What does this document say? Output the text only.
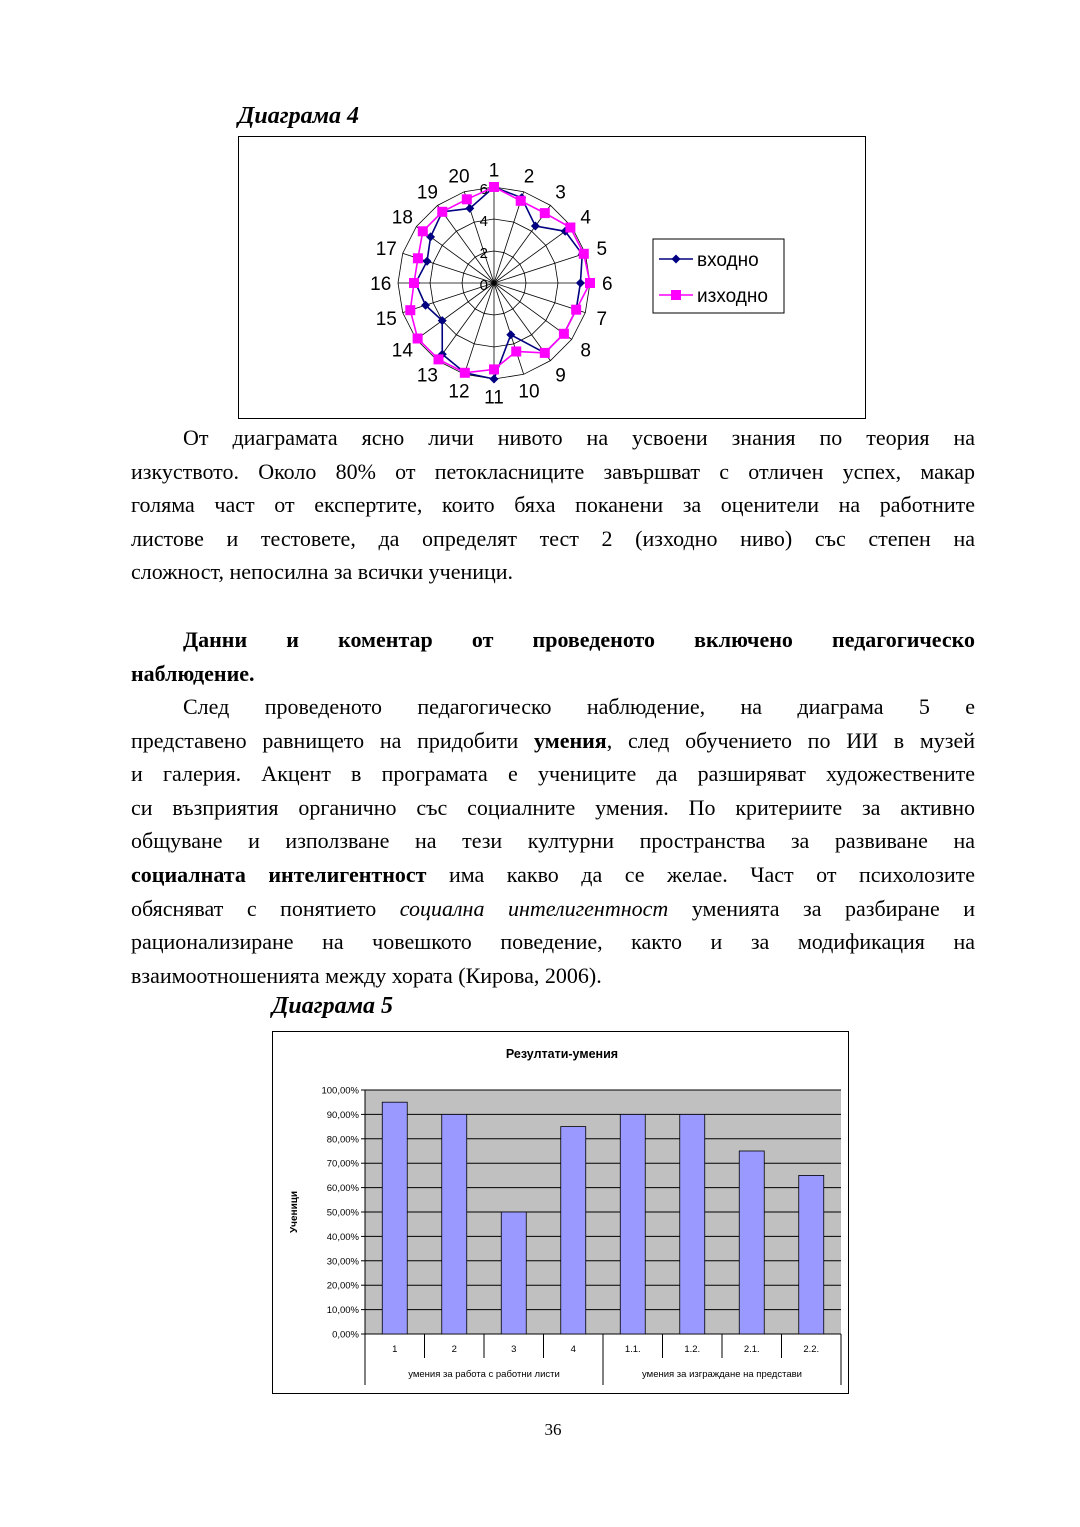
Диаграма 4
0
2
4
6
1 2
3
4
5
6
7
8
9
10
11
12
13
14
15
16
17
18
19
20
входно
изходно
От диаграмата ясно личи нивото на усвоени знания по теория на
изкуството. Около 80% от петокласниците завършват с отличен успех, макар
голяма част от експертите, които бяха поканени за оценители на работните
листове и тестовете, да определят тест 2 (изходно ниво) със степен на
сложност, непосилна за всички ученици.
Данни и коментар от проведеното включено педагогическо
наблюдение.
След проведеното педагогическо наблюдение, на диаграма 5 е
представено равнището на придобити умения, след обучението по ИИ в музей
и галерия. Акцент в програмата е учениците да разширяват художествените
си възприятия органично със социалните умения. По критериите за активно
общуване и използване на тези културни пространства за развиване на
социалната интелигентност има какво да се желае. Част от психолозите
обясняват с понятието социална интелигентност уменията за разбиране и
рационализиране на човешкото поведение, както и за модификация на
взаимоотношенията между хората (Кирова, 2006).
Диаграма 5
Резултати-умения
0,00%
10,00%
20,00%
30,00%
40,00%
50,00%
60,00%
70,00%
80,00%
90,00%
100,00%
Ученици
1	2	3	4	1.1.	1.2.	2.1.	2.2.
умения за работа с работни листи	умения за изграждане на представи
36
